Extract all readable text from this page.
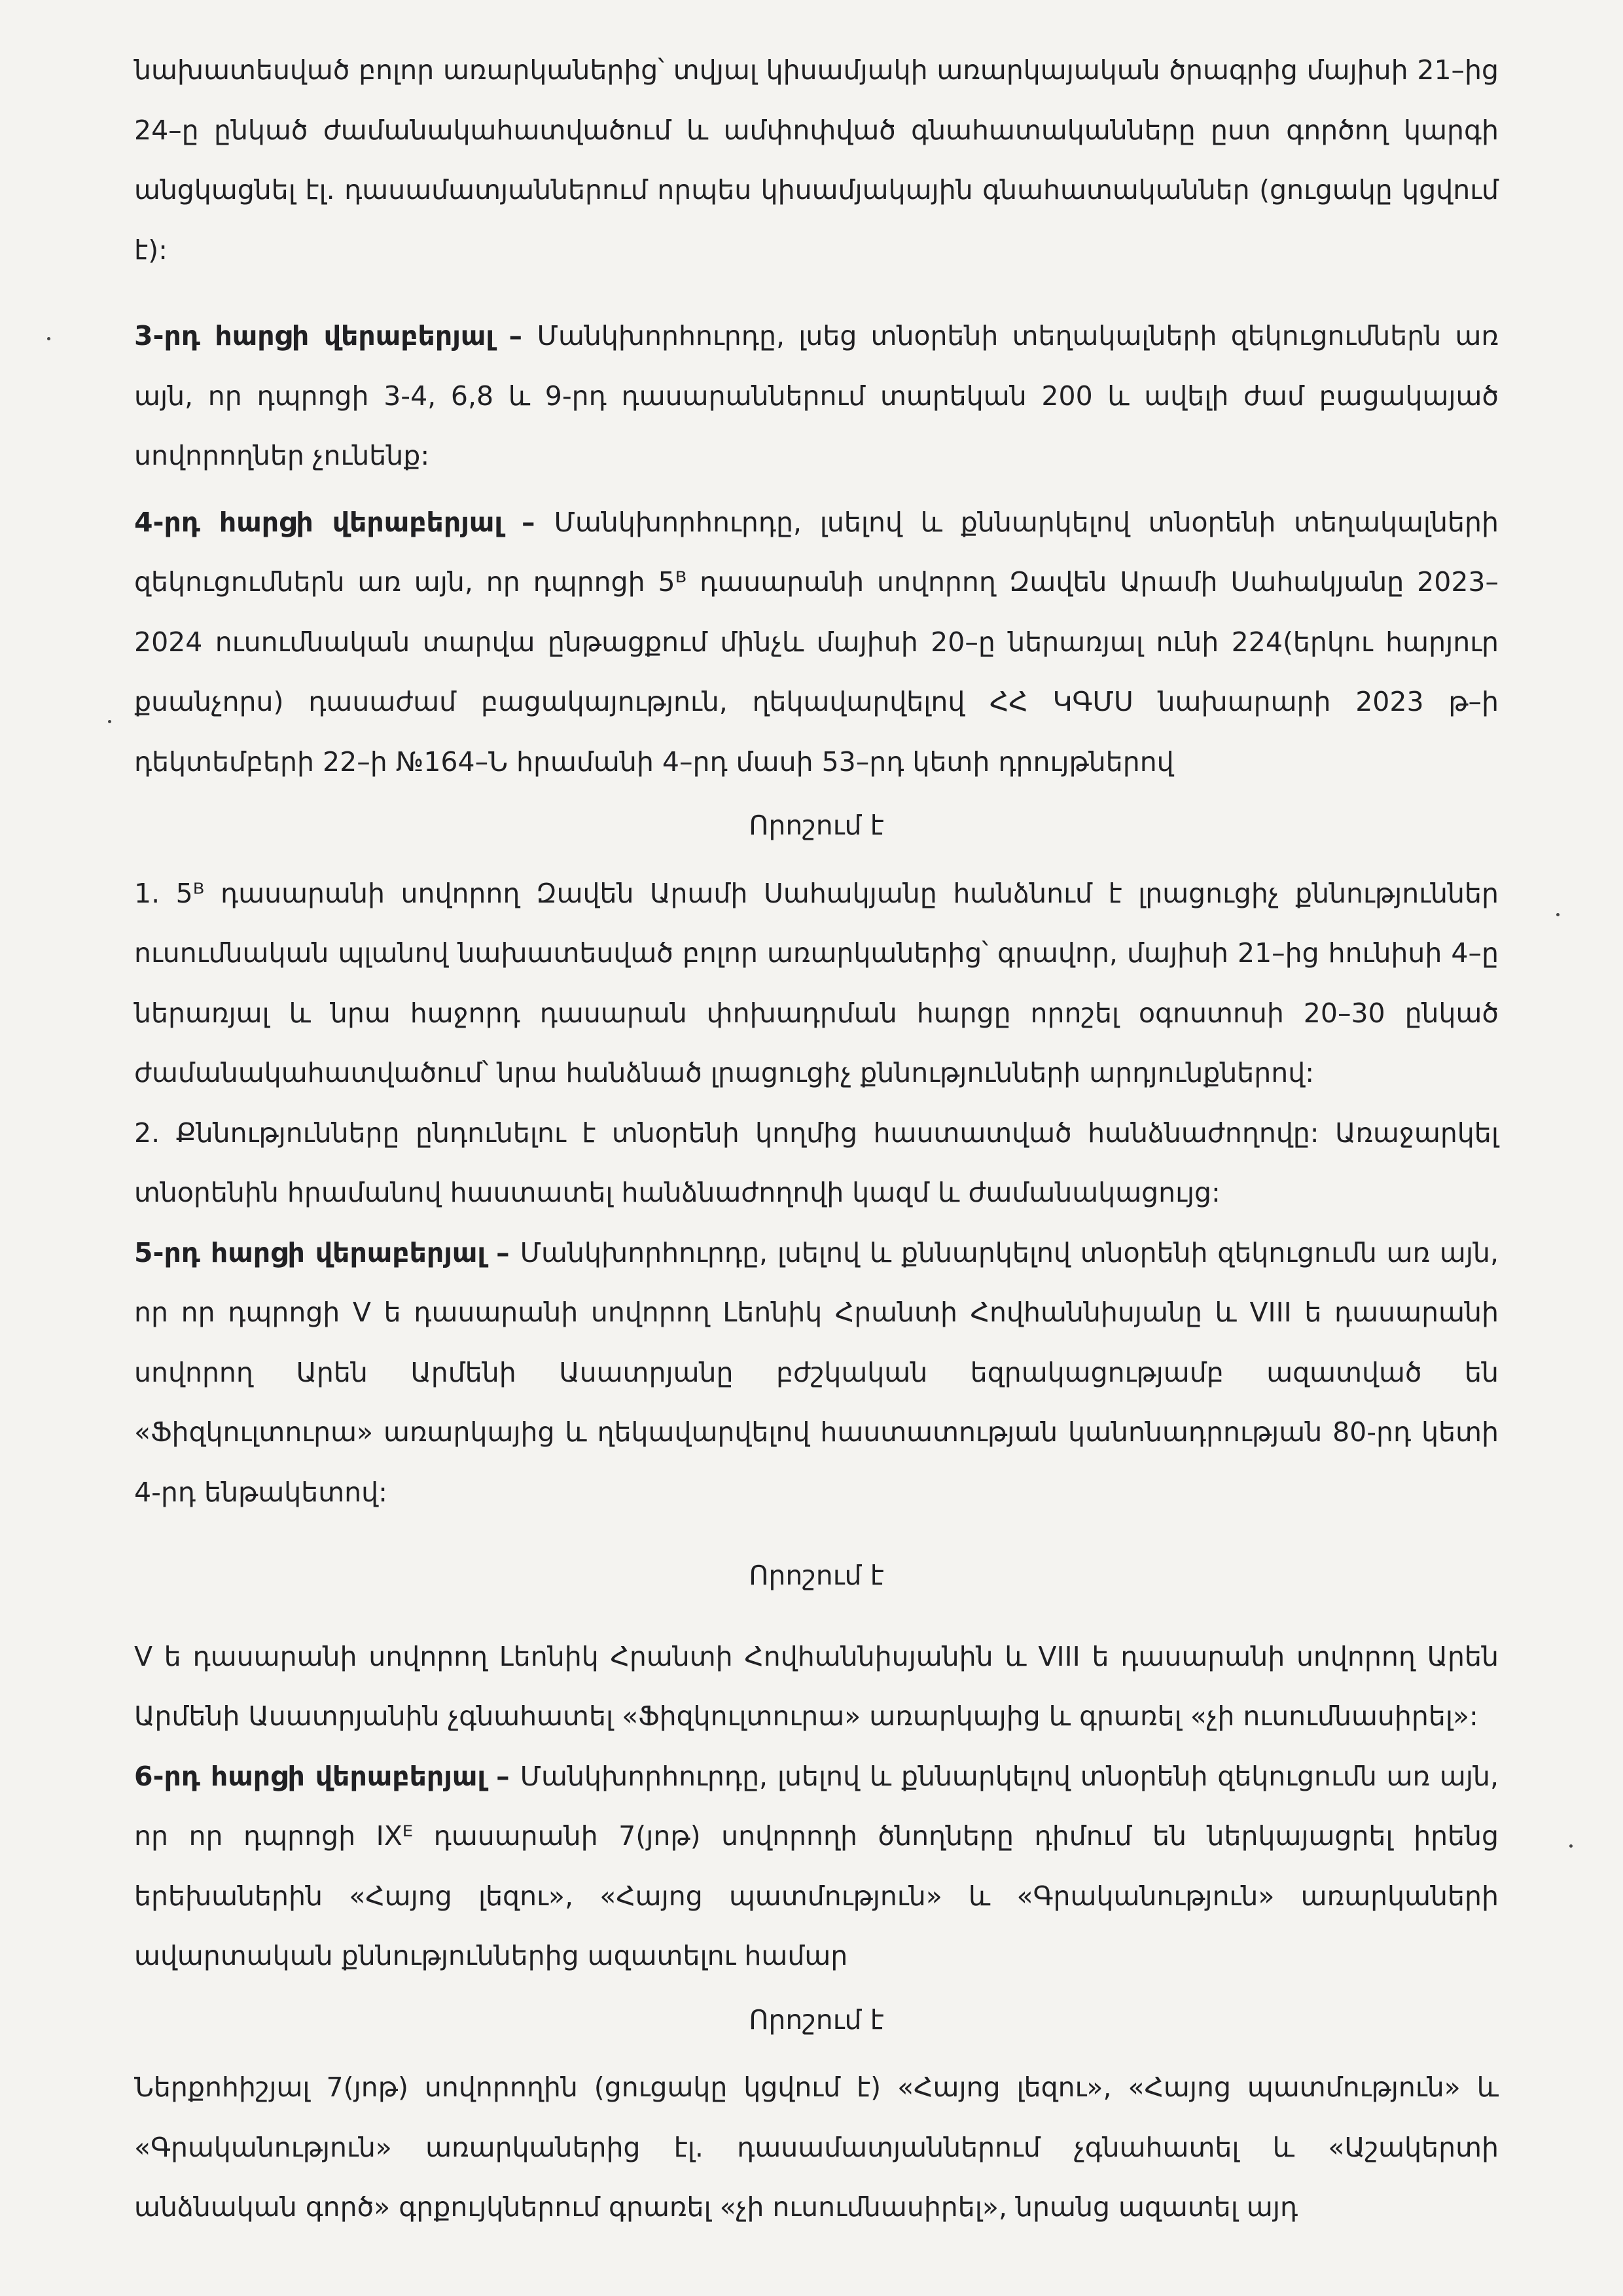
նախատեսված բոլոր առարկաներից՝ տվյալ կիսամյակի առարկայական ծրագրից մայիսի 21–ից 24–ը ընկած ժամանակահատվածում և ամփոփված գնահատականները ըստ գործող կարգի անցկացնել էլ. դասամատյաններում որպես կիսամյակային գնահատականներ (ցուցակը կցվում է):

3-րդ հարցի վերաբերյալ – Մանկխորհուրդը, լսեց տնօրենի տեղակալների զեկուցումներն առ այն, որ դպրոցի 3-4, 6,8 և 9-րդ դասարաններում տարեկան 200 և ավելի ժամ բացակայած սովորողներ չունենք:

4-րդ հարցի վերաբերյալ – Մանկխորհուրդը, լսելով և քննարկելով տնօրենի տեղակալների զեկուցումներն առ այն, որ դպրոցի 5ᴮ դասարանի սովորող Զավեն Արամի Սահակյանը 2023–2024 ուսումնական տարվա ընթացքում մինչև մայիսի 20–ը ներառյալ ունի 224(երկու հարյուր քսանչորս) դասաժամ բացակայություն, ղեկավարվելով ՀՀ ԿԳՄՍ նախարարի 2023 թ–ի դեկտեմբերի 22–ի №164–Ն հրամանի 4–րդ մասի 53–րդ կետի դրույթներով

Որոշում է

1. 5ᴮ դասարանի սովորող Զավեն Արամի Սահակյանը հանձնում է լրացուցիչ քննություններ ուսումնական պլանով նախատեսված բոլոր առարկաներից՝ գրավոր, մայիսի 21–ից հունիսի 4–ը ներառյալ և նրա հաջորդ դասարան փոխադրման հարցը որոշել օգոստոսի 20–30 ընկած ժամանակահատվածում՝ նրա հանձնած լրացուցիչ քննությունների արդյունքներով:

2. Քննությունները ընդունելու է տնօրենի կողմից հաստատված հանձնաժողովը: Առաջարկել տնօրենին հրամանով հաստատել հանձնաժողովի կազմ և ժամանակացույց:

5-րդ հարցի վերաբերյալ – Մանկխորհուրդը, լսելով և քննարկելով տնօրենի զեկուցումն առ այն, որ որ դպրոցի V ե դասարանի սովորող Լեոնիկ Հրանտի Հովհաննիսյանը և VIII ե դասարանի սովորող Արեն Արմենի Ասատրյանը բժշկական եզրակացությամբ ազատված են «Ֆիզկուլտուրա» առարկայից և ղեկավարվելով հաստատության կանոնադրության 80-րդ կետի 4-րդ ենթակետով:

Որոշում է

V ե դասարանի սովորող Լեոնիկ Հրանտի Հովհաննիսյանին և VIII ե դասարանի սովորող Արեն Արմենի Ասատրյանին չգնահատել «Ֆիզկուլտուրա» առարկայից և գրառել «չի ուսումնասիրել»:

6-րդ հարցի վերաբերյալ – Մանկխորհուրդը, լսելով և քննարկելով տնօրենի զեկուցումն առ այն, որ որ դպրոցի IXᴱ դասարանի 7(յոթ) սովորողի ծնողները դիմում են ներկայացրել իրենց երեխաներին «Հայոց լեզու», «Հայոց պատմություն» և «Գրականություն» առարկաների ավարտական քննություններից ազատելու համար

Որոշում է

Ներքոհիշյալ 7(յոթ) սովորողին (ցուցակը կցվում է) «Հայոց լեզու», «Հայոց պատմություն» և «Գրականություն» առարկաներից էլ. դասամատյաններում չգնահատել և «Աշակերտի անձնական գործ» գրքույկներում գրառել «չի ուսումնասիրել», նրանց ազատել այդ
